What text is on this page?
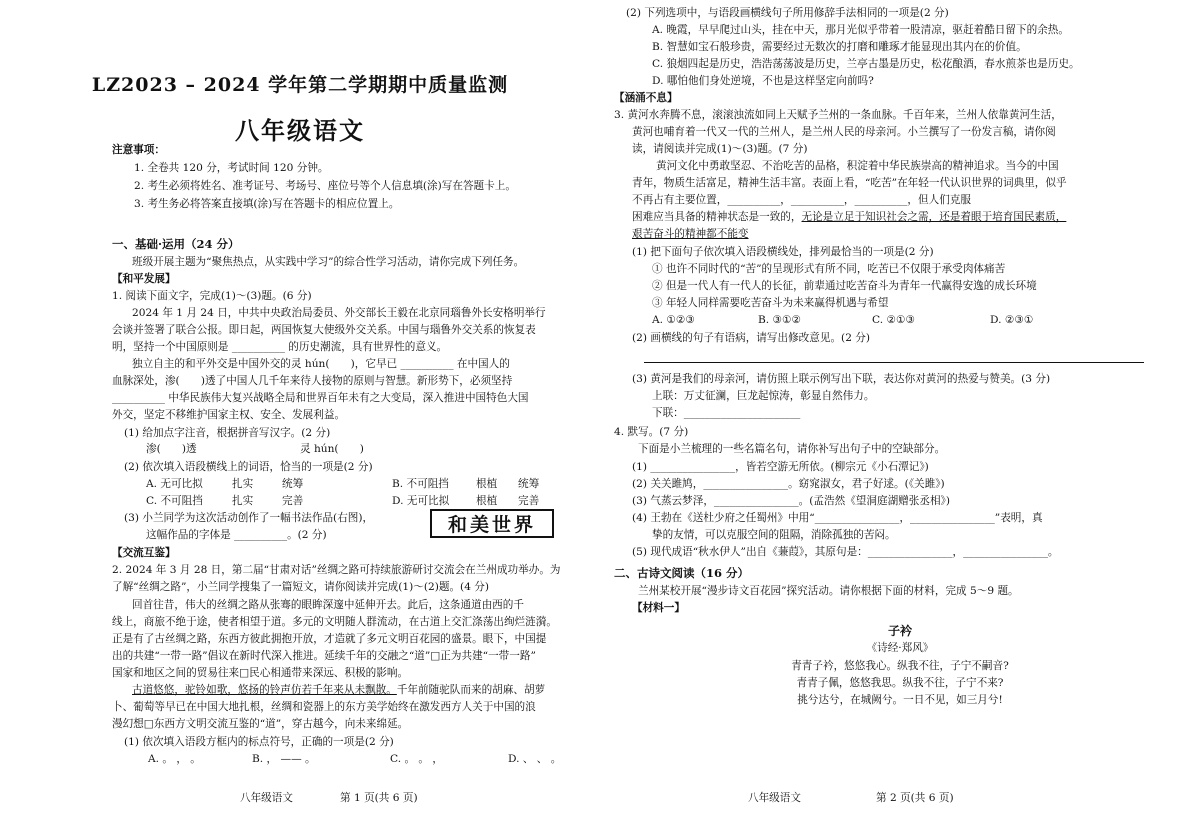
LZ2023 – 2024 学年第二学期期中质量监测
八年级语文
注意事项：
1. 全卷共 120 分，考试时间 120 分钟。
2. 考生必须将姓名、准考证号、考场号、座位号等个人信息填(涂)写在答题卡上。
3. 考生务必将答案直接填(涂)写在答题卡的相应位置上。
一、基础·运用（24 分）
班级开展主题为“聚焦热点，从实践中学习”的综合性学习活动，请你完成下列任务。
【和平发展】
1. 阅读下面文字，完成(1)～(3)题。(6 分)
2024 年 1 月 24 日，中共中央政治局委员、外交部长王毅在北京同瑙鲁外长安格明举行
会谈并签署了联合公报。即日起，两国恢复大使级外交关系。中国与瑙鲁外交关系的恢复表
明，坚持一个中国原则是 __________ 的历史潮流，具有世界性的意义。
独立自主的和平外交是中国外交的灵 hún(　　)，它早已 __________ 在中国人的
血脉深处，渗(　　)透了中国人几千年来待人接物的原则与智慧。新形势下，必须坚持
__________ 中华民族伟大复兴战略全局和世界百年未有之大变局，深入推进中国特色大国
外交，坚定不移维护国家主权、安全、发展利益。
(1) 给加点字注音，根据拼音写汉字。(2 分)
渗(　　)透	灵 hún(　　)
(2) 依次填入语段横线上的词语，恰当的一项是(2 分)
A. 无可比拟	扎实	统筹	B. 不可阻挡	根植 统筹
C. 不可阻挡	扎实	完善	D. 无可比拟	根植 完善
(3) 小兰同学为这次活动创作了一幅书法作品(右图)，
这幅作品的字体是 __________。(2 分)	和美世界
【交流互鉴】
2. 2024 年 3 月 28 日，第二届“甘肃对话”丝绸之路可持续旅游研讨交流会在兰州成功举办。为
了解“丝绸之路”，小兰同学搜集了一篇短文，请你阅读并完成(1)～(2)题。(4 分)
回首往昔，伟大的丝绸之路从张骞的眼眸深邃中延伸开去。此后，这条通道由西的千
线上，商旅不绝于途，使者相望于道。多元的文明随人群流动，在古道上交汇涤荡出绚烂涟漪。
正是有了古丝绸之路，东西方彼此拥抱开放，才造就了多元文明百花园的盛景。眼下，中国提
出的共建“一带一路”倡议在新时代深入推进。延续千年的交融之“道”□正为共建“一带一路”
国家和地区之间的贸易往来□民心相通带来深远、积极的影响。
古道悠悠，驼铃如歌，悠扬的铃声仿若千年来从未飘散。千年前随驼队而来的胡麻、胡萝
卜、葡萄等早已在中国大地扎根，丝绸和瓷器上的东方美学始终在激发西方人关于中国的浪
漫幻想□东西方文明交流互鉴的“道”，穿古越今，向未来绵延。
(1) 依次填入语段方框内的标点符号，正确的一项是(2 分)
A. 。 ， 。	B. ， —— 。	C. 。 。 ，	D. 、 、 。
八年级语文	第 1 页(共 6 页)
(2) 下列选项中，与语段画横线句子所用修辞手法相同的一项是(2 分)
A. 晚霞，早早爬过山头，挂在中天，那月光似乎带着一股清凉，驱赶着酷日留下的余热。
B. 智慧如宝石般珍贵，需要经过无数次的打磨和雕琢才能显现出其内在的价值。
C. 狼烟四起是历史，浩浩荡荡波是历史，兰亭古墨是历史，松花酿酒，春水煎茶也是历史。
D. 哪怕他们身处逆境，不也是这样坚定向前吗?
【涵涌不息】
3. 黄河水奔腾不息，滚滚浊流如同上天赋予兰州的一条血脉。千百年来，兰州人依靠黄河生活，
黄河也哺育着一代又一代的兰州人，是兰州人民的母亲河。小兰撰写了一份发言稿，请你阅
读，请阅读并完成(1)～(3)题。(7 分)
黄河文化中勇敢坚忍、不治吃苦的品格，积淀着中华民族崇高的精神追求。当今的中国
青年，物质生活富足，精神生活丰富。表面上看，“吃苦”在年轻一代认识世界的词典里，似乎
不再占有主要位置，__________，__________，__________，但人们克服
困难应当具备的精神状态是一致的，无论是立足于知识社会之需，还是着眼于培育国民素质，
艰苦奋斗的精神都不能变
(1) 把下面句子依次填入语段横线处，排列最恰当的一项是(2 分)
① 也许不同时代的“苦”的呈现形式有所不同，吃苦已不仅限于承受肉体痛苦
② 但是一代人有一代人的长征，前辈通过吃苦奋斗为青年一代赢得安逸的成长环境
③ 年轻人同样需要吃苦奋斗为未来赢得机遇与希望
A. ①②③	B. ③①②	C. ②①③	D. ②③①
(2) 画横线的句子有语病，请写出修改意见。(2 分)
(3) 黄河是我们的母亲河，请仿照上联示例写出下联，表达你对黄河的热爱与赞美。(3 分)
上联：万丈征澜，巨龙起惊涛，彰显自然伟力。
下联：______________________
4. 默写。(7 分)
下面是小兰梳理的一些名篇名句，请你补写出句子中的空缺部分。
(1) ________________，皆若空游无所依。(柳宗元《小石潭记》)
(2) 关关雎鸠，________________。窈窕淑女，君子好逑。(《关雎》)
(3) 气蒸云梦泽，________________。(孟浩然《望洞庭湖赠张丞相》)
(4) 王勃在《送杜少府之任蜀州》中用“________________，________________”表明，真
挚的友情，可以克服空间的阻隔，消除孤独的苦闷。
(5) 现代成语“秋水伊人”出自《蒹葭》，其原句是：________________，________________。
二、古诗文阅读（16 分）
兰州某校开展“漫步诗文百花园”探究活动。请你根据下面的材料，完成 5～9 题。
【材料一】
子衿
《诗经·郑风》
青青子衿，悠悠我心。纵我不往，子宁不嗣音?
青青子佩，悠悠我思。纵我不往，子宁不来?
挑兮达兮，在城阙兮。一日不见，如三月兮!
八年级语文	第 2 页(共 6 页)
